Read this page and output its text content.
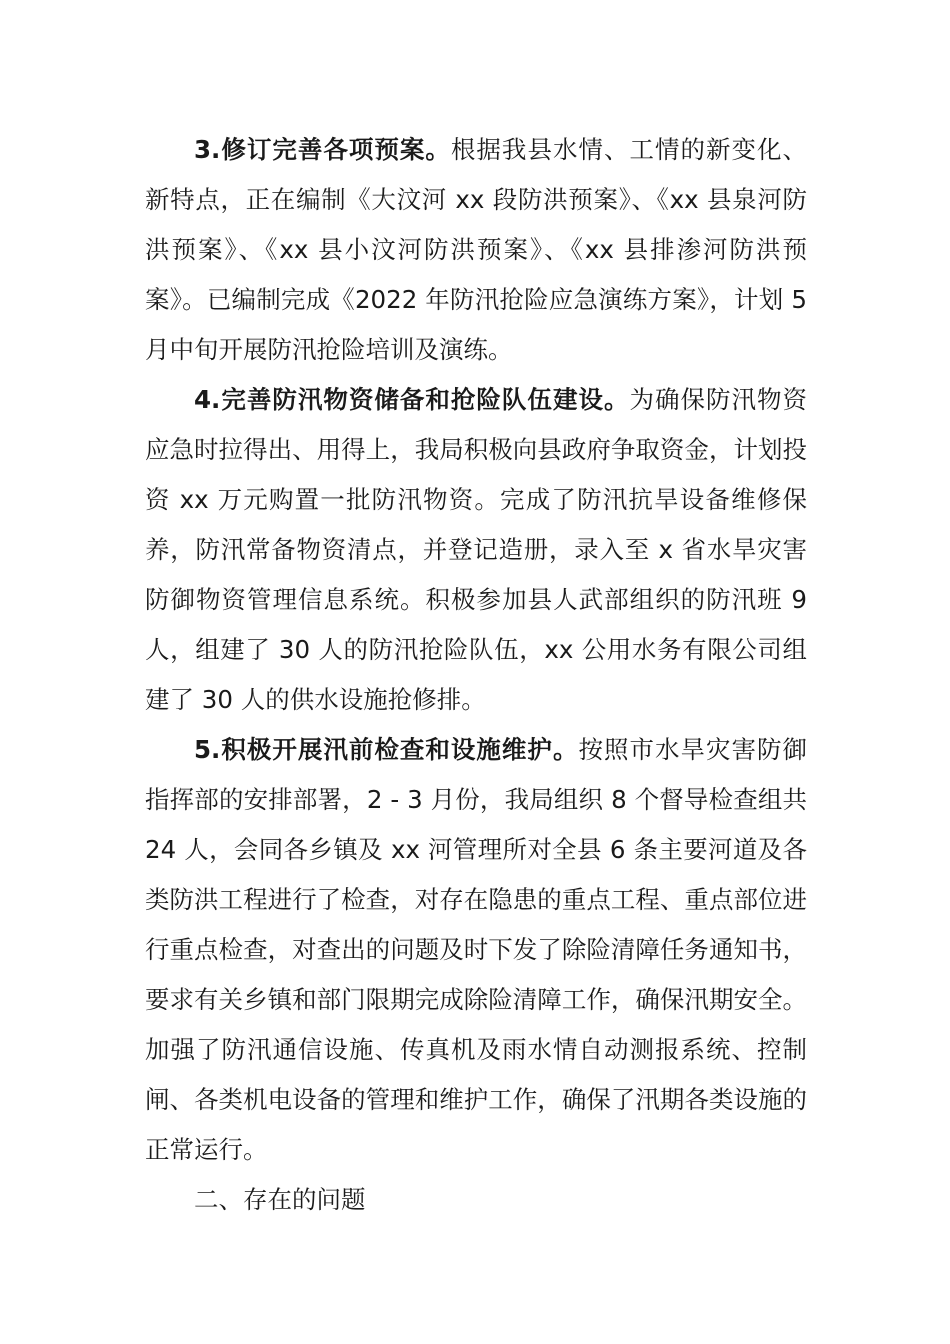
3.修订完善各项预案。根据我县水情、工情的新变化、新特点，正在编制《大汶河 xx 段防洪预案》、《xx 县泉河防洪预案》、《xx 县小汶河防洪预案》、《xx 县排渗河防洪预案》。已编制完成《2022 年防汛抢险应急演练方案》，计划 5 月中旬开展防汛抢险培训及演练。

4.完善防汛物资储备和抢险队伍建设。为确保防汛物资应急时拉得出、用得上，我局积极向县政府争取资金，计划投资 xx 万元购置一批防汛物资。完成了防汛抗旱设备维修保养，防汛常备物资清点，并登记造册，录入至 x 省水旱灾害防御物资管理信息系统。积极参加县人武部组织的防汛班 9 人，组建了 30 人的防汛抢险队伍，xx 公用水务有限公司组建了 30 人的供水设施抢修排。

5.积极开展汛前检查和设施维护。按照市水旱灾害防御指挥部的安排部署，2 - 3 月份，我局组织 8 个督导检查组共 24 人，会同各乡镇及 xx 河管理所对全县 6 条主要河道及各类防洪工程进行了检查，对存在隐患的重点工程、重点部位进行重点检查，对查出的问题及时下发了除险清障任务通知书，要求有关乡镇和部门限期完成除险清障工作，确保汛期安全。加强了防汛通信设施、传真机及雨水情自动测报系统、控制闸、各类机电设备的管理和维护工作，确保了汛期各类设施的正常运行。

二、存在的问题
